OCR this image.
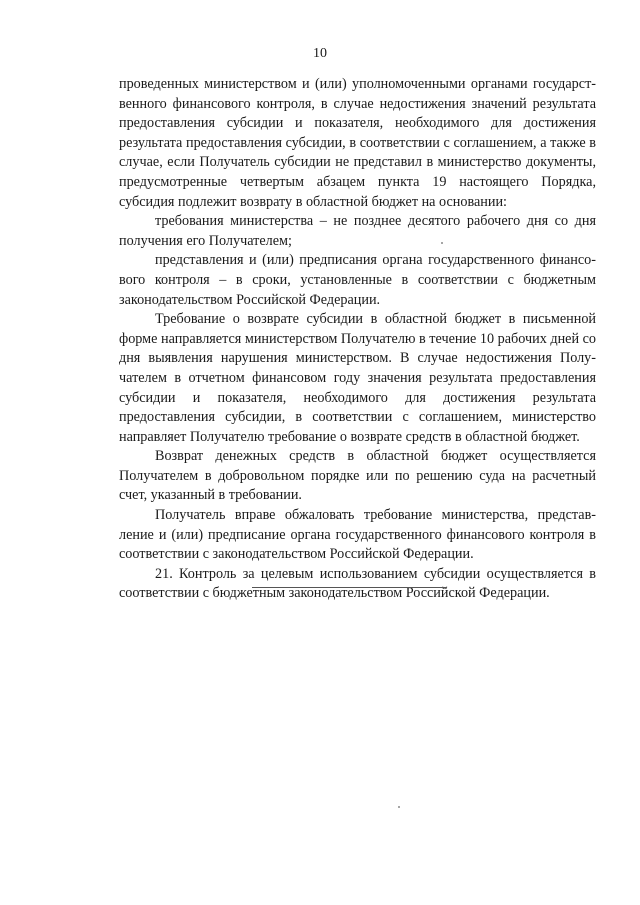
10

проведенных министерством и (или) уполномоченными органами государст-венного финансового контроля, в случае недостижения значений результата предоставления субсидии и показателя, необходимого для достижения результата предоставления субсидии, в соответствии с соглашением, а также в случае, если Получатель субсидии не представил в министерство документы, предусмотренные четвертым абзацем пункта 19 настоящего Порядка, субсидия подлежит возврату в областной бюджет на основании:

требования министерства – не позднее десятого рабочего дня со дня получения его Получателем;

представления и (или) предписания органа государственного финансо-вого контроля – в сроки, установленные в соответствии с бюджетным законодательством Российской Федерации.

Требование о возврате субсидии в областной бюджет в письменной форме направляется министерством Получателю в течение 10 рабочих дней со дня выявления нарушения министерством. В случае недостижения Полу-чателем в отчетном финансовом году значения результата предоставления субсидии и показателя, необходимого для достижения результата предоставления субсидии, в соответствии с соглашением, министерство направляет Получателю требование о возврате средств в областной бюджет.

Возврат денежных средств в областной бюджет осуществляется Получателем в добровольном порядке или по решению суда на расчетный счет, указанный в требовании.

Получатель вправе обжаловать требование министерства, представ-ление и (или) предписание органа государственного финансового контроля в соответствии с законодательством Российской Федерации.

21. Контроль за целевым использованием субсидии осуществляется в соответствии с бюджетным законодательством Российской Федерации.
